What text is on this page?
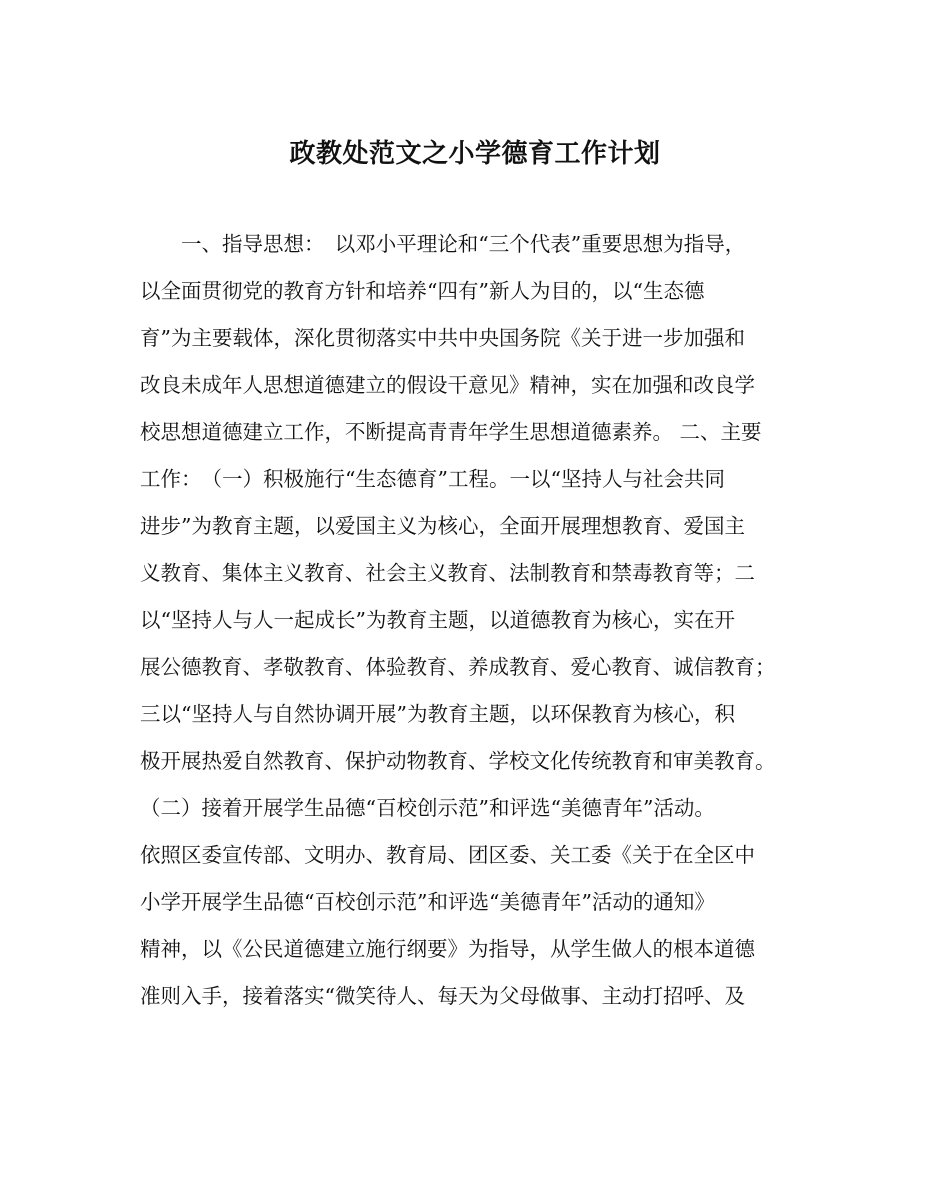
政教处范文之小学德育工作计划
　　一、指导思想：　以邓小平理论和“三个代表”重要思想为指导，
以全面贯彻党的教育方针和培养“四有”新人为目的，以“生态德
育”为主要载体，深化贯彻落实中共中央国务院《关于进一步加强和
改良未成年人思想道德建立的假设干意见》精神，实在加强和改良学
校思想道德建立工作，不断提高青青年学生思想道德素养。 二、主要
工作：　（一）积极施行“生态德育”工程。一以“坚持人与社会共同
进步”为教育主题，以爱国主义为核心，全面开展理想教育、爱国主
义教育、集体主义教育、社会主义教育、法制教育和禁毒教育等；二
以“坚持人与人一起成长”为教育主题，以道德教育为核心，实在开
展公德教育、孝敬教育、体验教育、养成教育、爱心教育、诚信教育；
三以“坚持人与自然协调开展”为教育主题，以环保教育为核心，积
极开展热爱自然教育、保护动物教育、学校文化传统教育和审美教育。
（二）接着开展学生品德“百校创示范”和评选“美德青年”活动。
依照区委宣传部、文明办、教育局、团区委、关工委《关于在全区中
小学开展学生品德“百校创示范”和评选“美德青年”活动的通知》
精神，以《公民道德建立施行纲要》为指导，从学生做人的根本道德
准则入手，接着落实“微笑待人、每天为父母做事、主动打招呼、及
